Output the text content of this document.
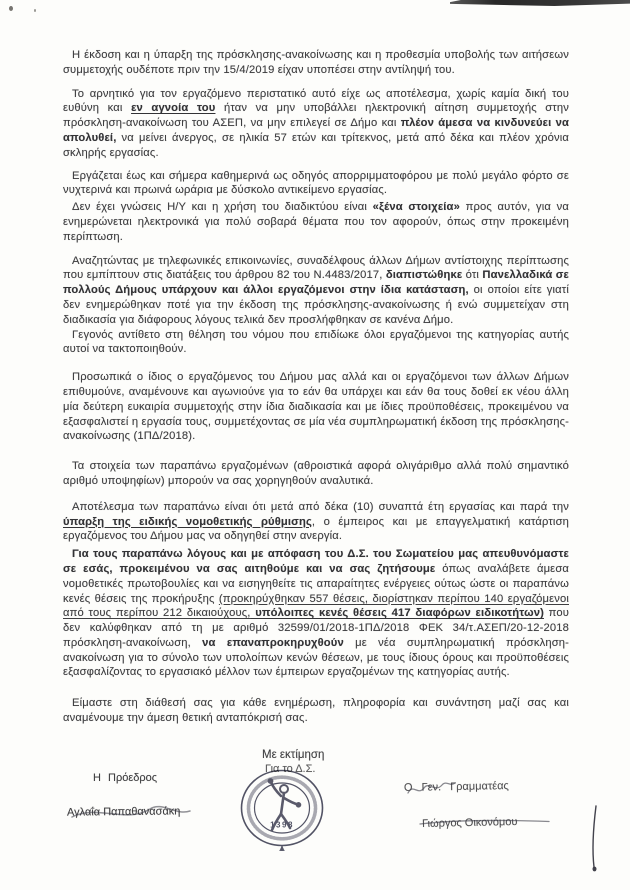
Η έκδοση και η ύπαρξη της πρόσκλησης-ανακοίνωσης και η προθεσμία υποβολής των αιτήσεων συμμετοχής ουδέποτε πριν την 15/4/2019 είχαν υποπέσει στην αντίληψή του.

Το αρνητικό για τον εργαζόμενο περιστατικό αυτό είχε ως αποτέλεσμα, χωρίς καμία δική του ευθύνη και εν αγνοία του ήταν να μην υποβάλλει ηλεκτρονική αίτηση συμμετοχής στην πρόσκληση-ανακοίνωση του ΑΣΕΠ, να μην επιλεγεί σε Δήμο και πλέον άμεσα να κινδυνεύει να απολυθεί, να μείνει άνεργος, σε ηλικία 57 ετών και τρίτεκνος, μετά από δέκα και πλέον χρόνια σκληρής εργασίας.

Εργάζεται έως και σήμερα καθημερινά ως οδηγός απορριμματοφόρου με πολύ μεγάλο φόρτο σε νυχτερινά και πρωινά ωράρια με δύσκολο αντικείμενο εργασίας.

Δεν έχει γνώσεις Η/Υ και η χρήση του διαδικτύου είναι «ξένα στοιχεία» προς αυτόν, για να ενημερώνεται ηλεκτρονικά για πολύ σοβαρά θέματα που τον αφορούν, όπως στην προκειμένη περίπτωση.

Αναζητώντας με τηλεφωνικές επικοινωνίες, συναδέλφους άλλων Δήμων αντίστοιχης περίπτωσης που εμπίπτουν στις διατάξεις του άρθρου 82 του Ν.4483/2017, διαπιστώθηκε ότι Πανελλαδικά σε πολλούς Δήμους υπάρχουν και άλλοι εργαζόμενοι στην ίδια κατάσταση, οι οποίοι είτε γιατί δεν ενημερώθηκαν ποτέ για την έκδοση της πρόσκλησης-ανακοίνωσης ή ενώ συμμετείχαν στη διαδικασία για διάφορους λόγους τελικά δεν προσλήφθηκαν σε κανένα Δήμο.

Γεγονός αντίθετο στη θέληση του νόμου που επιδίωκε όλοι εργαζόμενοι της κατηγορίας αυτής αυτοί να τακτοποιηθούν.

Προσωπικά ο ίδιος ο εργαζόμενος του Δήμου μας αλλά και οι εργαζόμενοι των άλλων Δήμων επιθυμούνε, αναμένουνε και αγωνιούνε για το εάν θα υπάρχει και εάν θα τους δοθεί εκ νέου άλλη μία δεύτερη ευκαιρία συμμετοχής στην ίδια διαδικασία και με ίδιες προϋποθέσεις, προκειμένου να εξασφαλιστεί η εργασία τους, συμμετέχοντας σε μία νέα συμπληρωματική έκδοση της πρόσκλησης-ανακοίνωσης (1ΠΔ/2018).

Τα στοιχεία των παραπάνω εργαζομένων (αθροιστικά αφορά ολιγάριθμο αλλά πολύ σημαντικό αριθμό υποψηφίων) μπορούν να σας χορηγηθούν αναλυτικά.

Αποτέλεσμα των παραπάνω είναι ότι μετά από δέκα (10) συναπτά έτη εργασίας και παρά την ύπαρξη της ειδικής νομοθετικής ρύθμισης, ο έμπειρος και με επαγγελματική κατάρτιση εργαζόμενος του Δήμου μας να οδηγηθεί στην ανεργία.

Για τους παραπάνω λόγους και με απόφαση του Δ.Σ. του Σωματείου μας απευθυνόμαστε σε εσάς, προκειμένου να σας αιτηθούμε και να σας ζητήσουμε όπως αναλάβετε άμεσα νομοθετικές πρωτοβουλίες και να εισηγηθείτε τις απαραίτητες ενέργειες ούτως ώστε οι παραπάνω κενές θέσεις της προκήρυξης (προκηρύχθηκαν 557 θέσεις, διορίστηκαν περίπου 140 εργαζόμενοι από τους περίπου 212 δικαιούχους, υπόλοιπες κενές θέσεις 417 διαφόρων ειδικοτήτων) που δεν καλύφθηκαν από τη με αριθμό 32599/01/2018-1ΠΔ/2018 ΦΕΚ 34/τ.ΑΣΕΠ/20-12-2018 πρόσκληση-ανακοίνωση, να επαναπροκηρυχθούν με νέα συμπληρωματική πρόσκληση-ανακοίνωση για το σύνολο των υπολοίπων κενών θέσεων, με τους ίδιους όρους και προϋποθέσεις εξασφαλίζοντας το εργασιακό μέλλον των έμπειρων εργαζομένων της κατηγορίας αυτής.

Είμαστε στη διάθεσή σας για κάθε ενημέρωση, πληροφορία και συνάντηση μαζί σας και αναμένουμε την άμεση θετική ανταπόκρισή σας.

Με εκτίμηση
Για το Δ.Σ.
Η Πρόεδρος
Αγλαΐα Παπαθανασάκη
Ο Γεν. Γραμματέας
Γιώργος Οικονόμου
1398
